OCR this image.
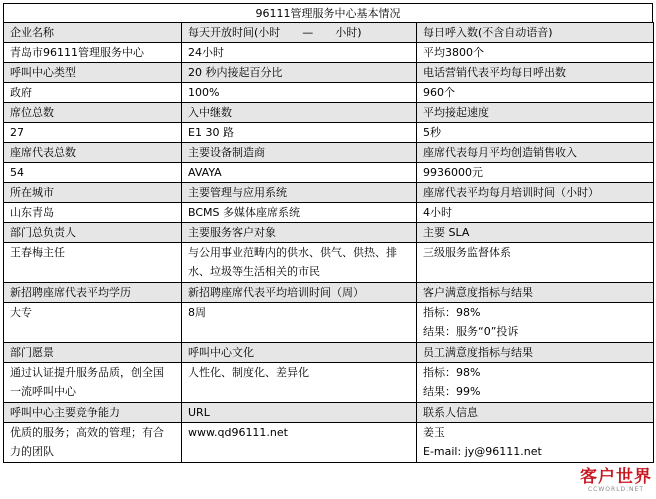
96111管理服务中心基本情况
企业名称	每天开放时间(小时　　—　　小时)	每日呼入数(不含自动语音)

青岛市96111管理服务中心	24小时	平均3800个

呼叫中心类型	20 秒内接起百分比	电话营销代表平均每日呼出数

政府	100%	960个

席位总数	入中继数	平均接起速度

27	E1 30 路	5秒

座席代表总数	主要设备制造商	座席代表每月平均创造销售收入

54	AVAYA	9936000元

所在城市	主要管理与应用系统	座席代表平均每月培训时间（小时）

山东青岛	BCMS 多媒体座席系统	4小时

部门总负责人	主要服务客户对象	主要 SLA

王春梅主任	与公用事业范畴内的供水、供气、供热、排
水、垃圾等生活相关的市民	三级服务监督体系

新招聘座席代表平均学历	新招聘座席代表平均培训时间（周）	客户满意度指标与结果

大专	8周	指标：98%
结果：服务“0”投诉

部门愿景	呼叫中心文化	员工满意度指标与结果

通过认证提升服务品质，创全国
一流呼叫中心	人性化、制度化、差异化	指标：98%
结果：99%

呼叫中心主要竞争能力	URL	联系人信息

优质的服务；高效的管理；有合
力的团队	www.qd96111.net	姜玉
E-mail: jy@96111.net
客户世界
CCWORLD.NET
